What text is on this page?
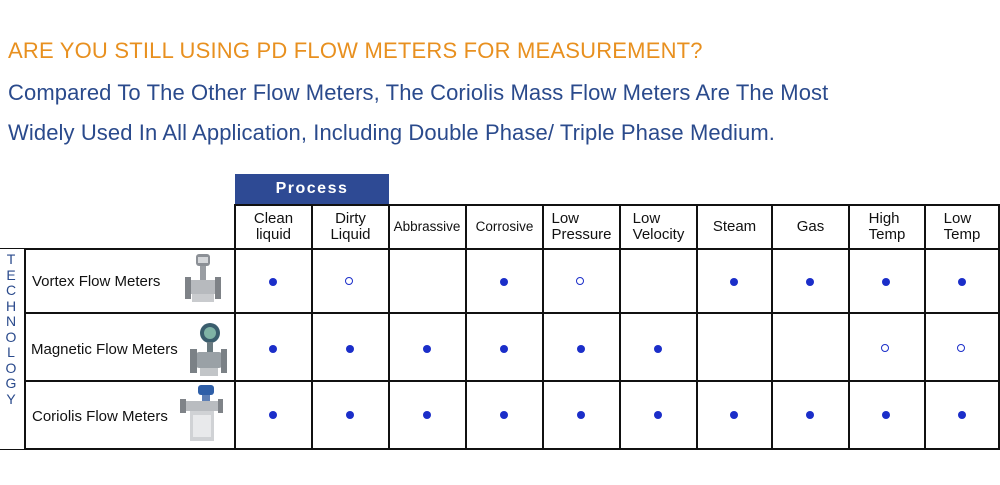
ARE YOU STILL USING PD FLOW METERS FOR MEASUREMENT?

Compared To The Other Flow Meters, The Coriolis Mass Flow Meters Are The Most

Widely Used In All Application, Including Double Phase/ Triple Phase Medium.

Process
Clean
liquid
Dirty
Liquid Abbrassive Corrosive Low
Pressure
Low
Velocity Steam	Gas	High
Temp
Low
Temp
T
E
C
H
N
O
L
O
G
Y
Vortex Flow Meters
Magnetic Flow Meters
Coriolis Flow Meters
